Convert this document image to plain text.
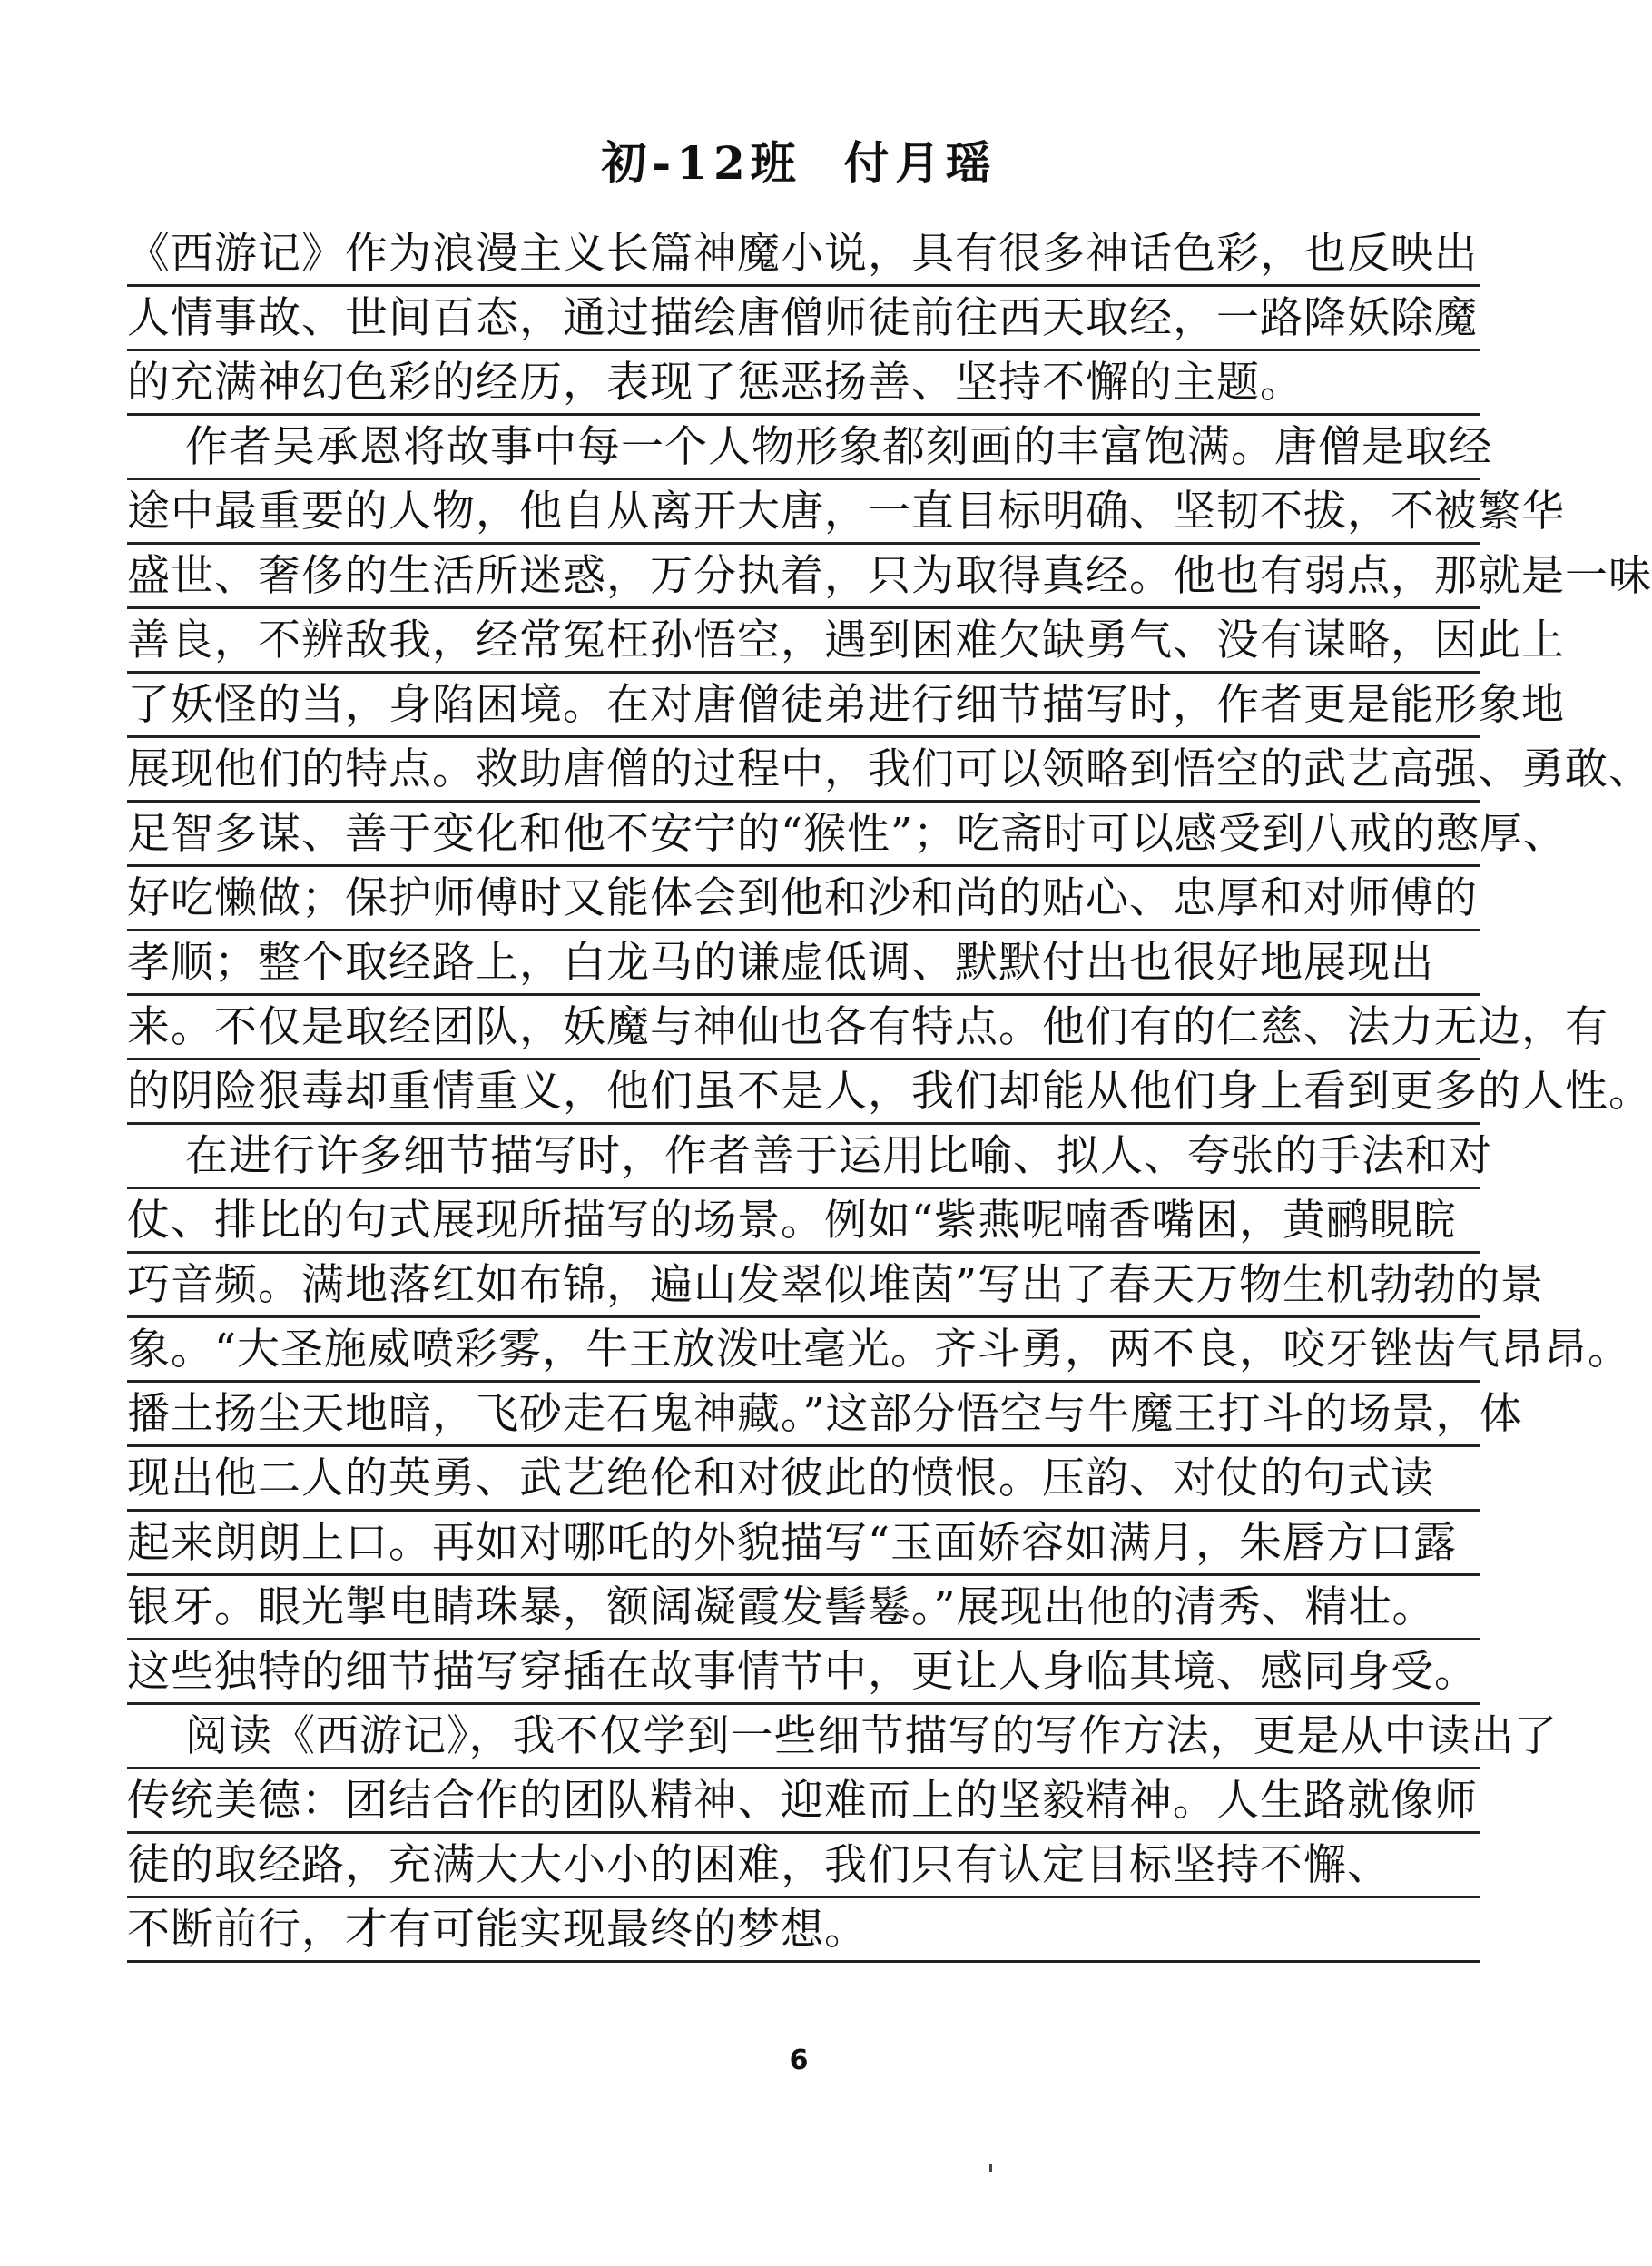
初-12班 付月瑶
《西游记》作为浪漫主义长篇神魔小说，具有很多神话色彩，也反映出
人情事故、世间百态，通过描绘唐僧师徒前往西天取经，一路降妖除魔
的充满神幻色彩的经历，表现了惩恶扬善、坚持不懈的主题。
作者吴承恩将故事中每一个人物形象都刻画的丰富饱满。唐僧是取经
途中最重要的人物，他自从离开大唐，一直目标明确、坚韧不拔，不被繁华
盛世、奢侈的生活所迷惑，万分执着，只为取得真经。他也有弱点，那就是一味
善良，不辨敌我，经常冤枉孙悟空，遇到困难欠缺勇气、没有谋略，因此上
了妖怪的当，身陷困境。在对唐僧徒弟进行细节描写时，作者更是能形象地
展现他们的特点。救助唐僧的过程中，我们可以领略到悟空的武艺高强、勇敢、
足智多谋、善于变化和他不安宁的“猴性”；吃斋时可以感受到八戒的憨厚、
好吃懒做；保护师傅时又能体会到他和沙和尚的贴心、忠厚和对师傅的
孝顺；整个取经路上，白龙马的谦虚低调、默默付出也很好地展现出
来。不仅是取经团队，妖魔与神仙也各有特点。他们有的仁慈、法力无边，有
的阴险狠毒却重情重义，他们虽不是人，我们却能从他们身上看到更多的人性。
在进行许多细节描写时，作者善于运用比喻、拟人、夸张的手法和对
仗、排比的句式展现所描写的场景。例如“紫燕呢喃香嘴困，黄鹂睍睆
巧音频。满地落红如布锦，遍山发翠似堆茵”写出了春天万物生机勃勃的景
象。“大圣施威喷彩雾，牛王放泼吐毫光。齐斗勇，两不良，咬牙锉齿气昂昂。
播土扬尘天地暗，飞砂走石鬼神藏。”这部分悟空与牛魔王打斗的场景，体
现出他二人的英勇、武艺绝伦和对彼此的愤恨。压韵、对仗的句式读
起来朗朗上口。再如对哪吒的外貌描写“玉面娇容如满月，朱唇方口露
银牙。眼光掣电睛珠暴，额阔凝霞发髻鬈。”展现出他的清秀、精壮。
这些独特的细节描写穿插在故事情节中，更让人身临其境、感同身受。
阅读《西游记》，我不仅学到一些细节描写的写作方法，更是从中读出了
传统美德：团结合作的团队精神、迎难而上的坚毅精神。人生路就像师
徒的取经路，充满大大小小的困难，我们只有认定目标坚持不懈、
不断前行，才有可能实现最终的梦想。
6
